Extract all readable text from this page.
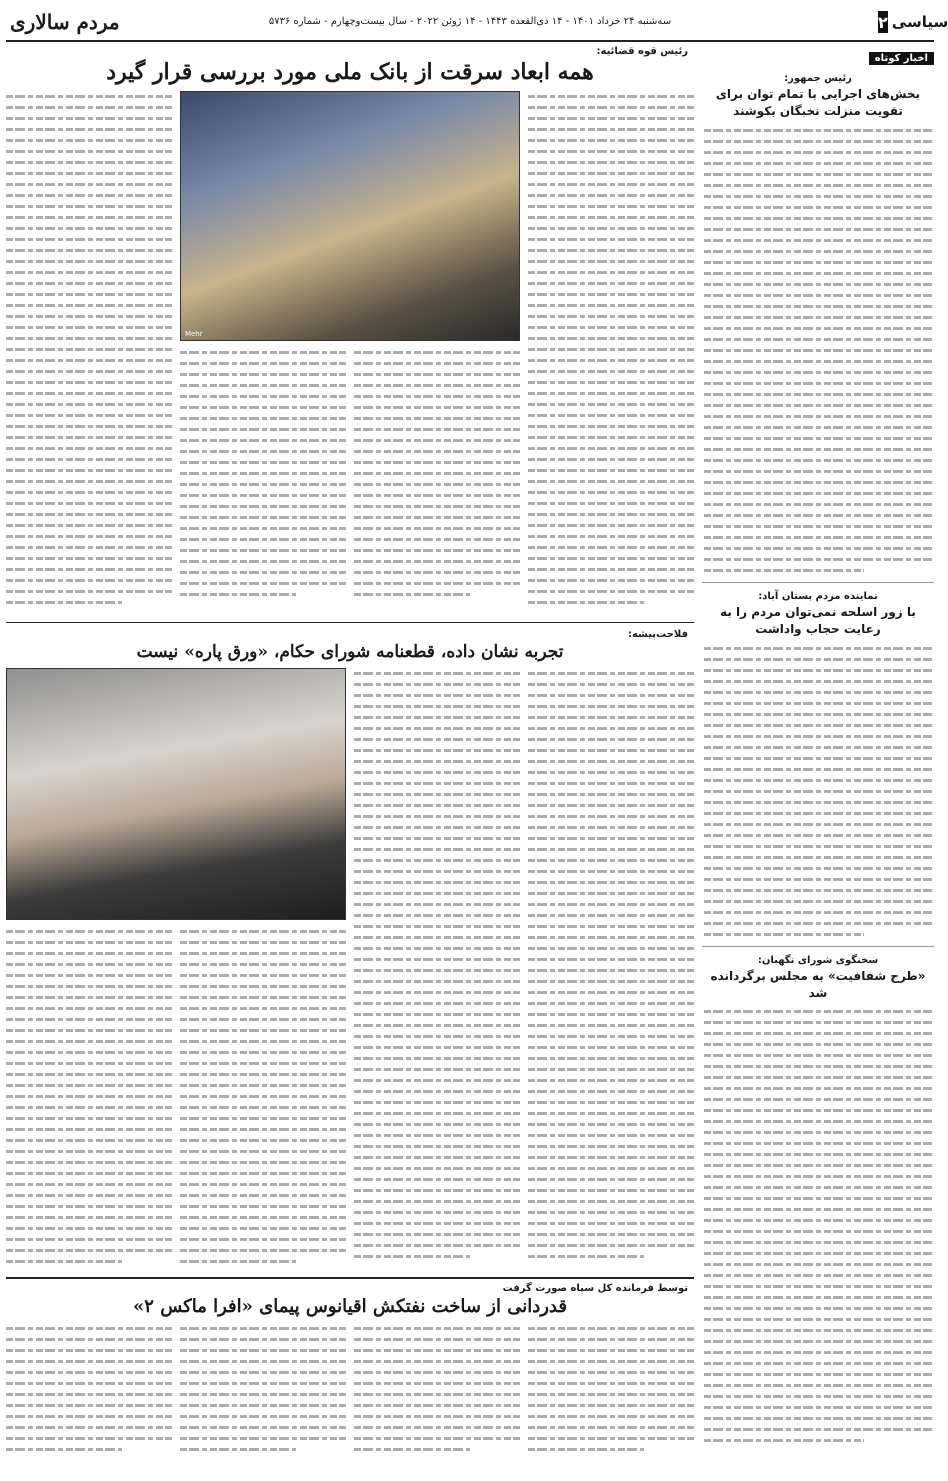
سیاسی
۲
سه‌شنبه ۲۴ خرداد ۱۴۰۱ - ۱۴ ذی‌القعده ۱۴۴۳ - ۱۴ ژوئن ۲۰۲۲ - سال بیست‌وچهارم - شماره ۵۷۳۶
مردم سالاری
اخبار کوتاه
رئیس جمهور:
بخش‌های اجرایی با تمام توان برای تقویت منزلت نخبگان بکوشند
نماینده مردم بستان آباد:
با زور اسلحه نمی‌توان مردم را به رعایت حجاب واداشت
سخنگوی شورای نگهبان:
«طرح شفافیت» به مجلس برگردانده شد
رئیس قوه قضائیه:
همه ابعاد سرقت از بانک ملی مورد بررسی قرار گیرد
Mehr
فلاحت‌پیشه:
تجربه نشان داده، قطعنامه شورای حکام، «ورق پاره» نیست
توسط فرمانده کل سپاه صورت گرفت
قدردانی از ساخت نفتکش اقیانوس پیمای «افرا ماکس ۲»
